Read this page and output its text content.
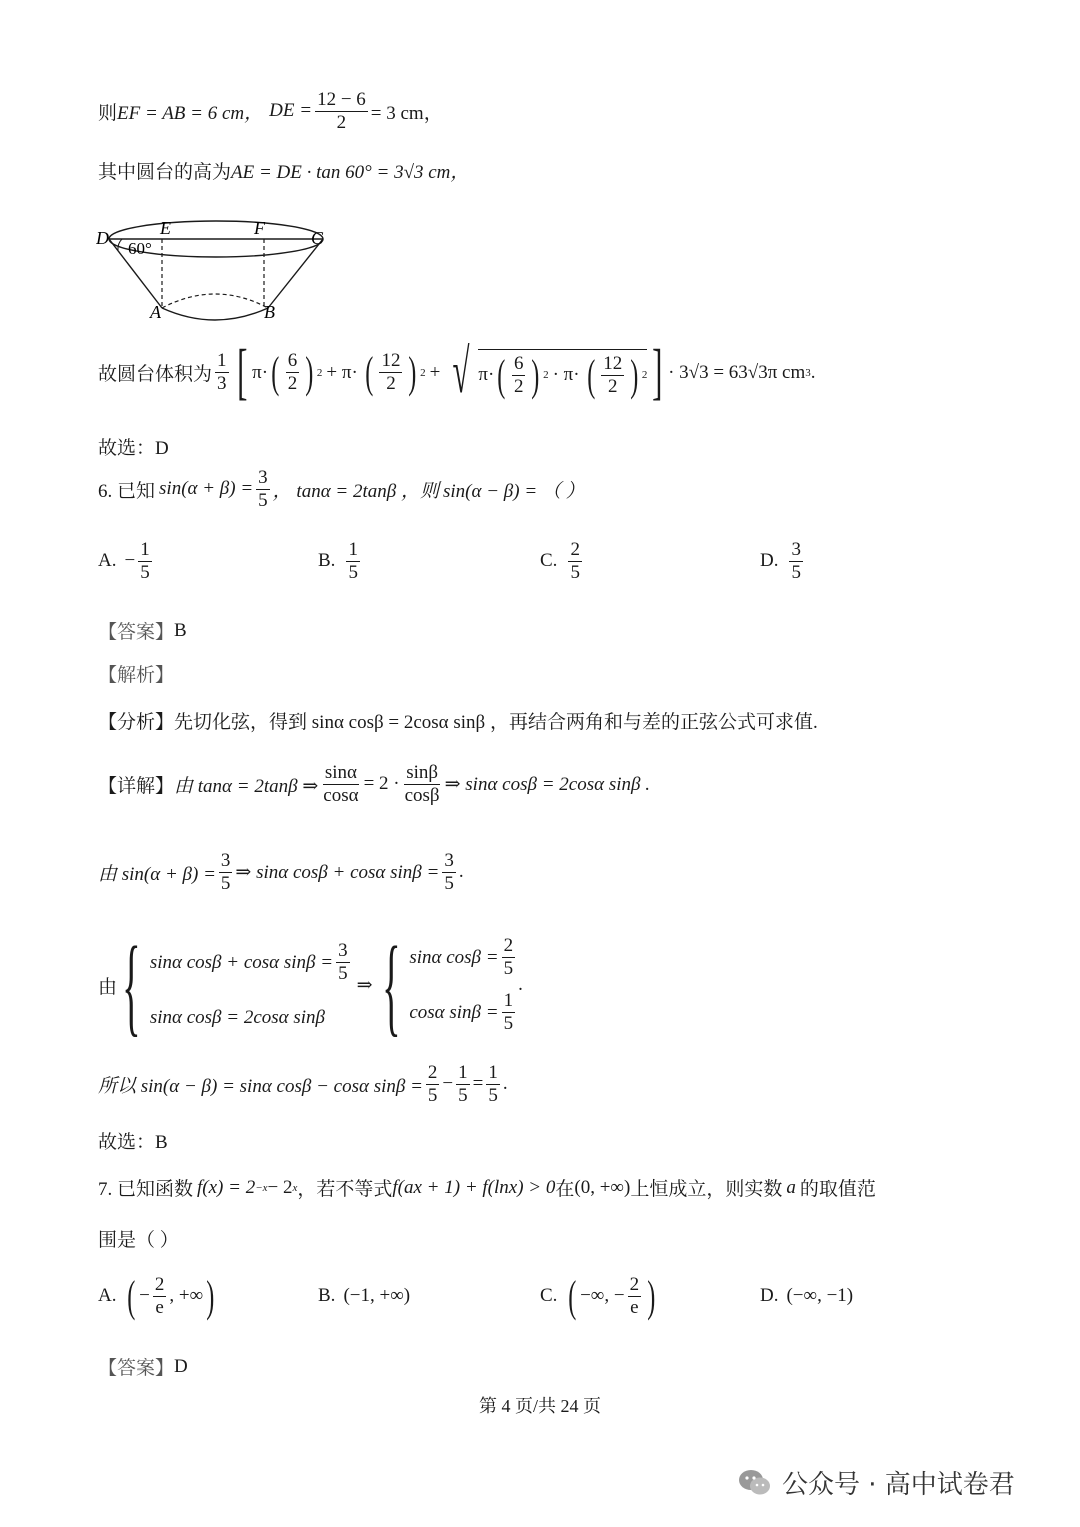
则 EF = AB = 6 cm， DE = $\frac{12 - 6}{2} = 3$ cm，
其中圆台的高为 AE = DE · tan 60° = 3√3 cm，
D	E	F	C
A	B
60°
故圆台体积为
1
3 [ π· ( 6
2 ) 2 + π· ( 12
2 ) 2 + √ π· ( 6
2 ) 2 · π· ( 12
2 ) 2 ] · 3√3 = 63√3π cm 3 .
故选：D
6. 已知 $\sin(\alpha + \beta) = \frac{3}{5}$ ， tanα = 2tanβ ，则 sin(α − β) = （ ）
A. − $\frac{1}{5}$	B.
1
5
C.
2
5
D.
3
5
【答案】 B
【解析】
【分析】 先切化弦，得到 sinα cosβ = 2cosα sinβ ，再结合两角和与差的正弦公式可求值.
【详解】 由 tanα = 2tanβ ⇒ $\frac{\sin\alpha}{\cos\alpha} = 2$ ·
sinβ
cosβ
⇒ sinα cosβ = 2cosα sinβ .
由 $\sin(\alpha + \beta) = \frac{3}{5}$ ⇒ sinα cosβ + cosα $\sin\beta = \frac{3}{5}$ .
由 { sinα cosβ + cosα $\sin\beta = \frac{3}{5}$
sinα cosβ = 2cosα sinβ
⇒ { sinα $\cos\beta = \frac{2}{5}$
cosα $\sin\beta = \frac{1}{5}$
.
所以 sin(α − β) = sinα cosβ − cosα $\sin\beta = \frac{2}{5} - \frac{1}{5} = \frac{1}{5}$ .
故选：B
7. 已知函数 f(x) = 2 −x − 2 x ，若不等式 f(ax + 1) + f(lnx) > 0 在 (0, +∞) 上恒成立，则实数 a 的取值范
围是（ ）
A. ( −
2
e
, +∞ )	B. (−1, +∞)	C. ( −∞, − $\frac{2}{e}$ )	D. (−∞, −1)
【答案】 D
第 4 页/共 24 页
公众号 · 高中试卷君
